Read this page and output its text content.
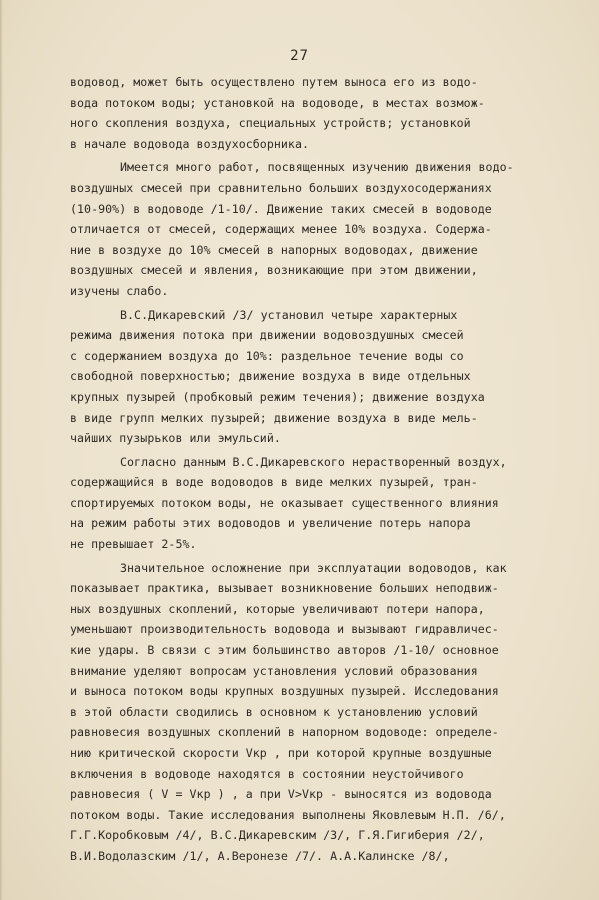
27
водовод, может быть осуществлено путем выноса его из водо-
вода потоком воды; установкой на водоводе, в местах возмож-
ного скопления воздуха, специальных устройств; установкой
в начале водовода воздухосборника.
Имеется много работ, посвященных изучению движения водо-
воздушных смесей при сравнительно больших воздухосодержаниях
(10-90%) в водоводе /1-10/. Движение таких смесей в водоводе
отличается от смесей, содержащих менее 10% воздуха. Содержа-
ние в воздухе до 10% смесей в напорных водоводах, движение
воздушных смесей и явления, возникающие при этом движении,
изучены слабо.
В.С.Дикаревский /3/ установил четыре характерных
режима движения потока при движении водовоздушных смесей
с содержанием воздуха до 10%: раздельное течение воды со
свободной поверхностью; движение воздуха в виде отдельных
крупных пузырей (пробковый режим течения); движение воздуха
в виде групп мелких пузырей; движение воздуха в виде мель-
чайших пузырьков или эмульсий.
Согласно данным В.С.Дикаревского нерастворенный воздух,
содержащийся в воде водоводов в виде мелких пузырей, тран-
спортируемых потоком воды, не оказывает существенного влияния
на режим работы этих водоводов и увеличение потерь напора
не превышает 2-5%.
Значительное осложнение при эксплуатации водоводов, как
показывает практика, вызывает возникновение больших неподвиж-
ных воздушных скоплений, которые увеличивают потери напора,
уменьшают производительность водовода и вызывают гидравличес-
кие удары. В связи с этим большинство авторов /1-10/ основное
внимание уделяют вопросам установления условий образования
и выноса потоком воды крупных воздушных пузырей. Исследования
в этой области сводились в основном к установлению условий
равновесия воздушных скоплений в напорном водоводе: определе-
нию критической скорости Vкр , при которой крупные воздушные
включения в водоводе находятся в состоянии неустойчивого
равновесия ( V = Vкр ) , а при V>Vкр - выносятся из водовода
потоком воды. Такие исследования выполнены Яковлевым Н.П. /6/,
Г.Г.Коробковым /4/, В.С.Дикаревским /3/, Г.Я.Гигиберия /2/,
В.И.Водолазским /1/, А.Веронезе /7/. А.А.Калинске /8/,
